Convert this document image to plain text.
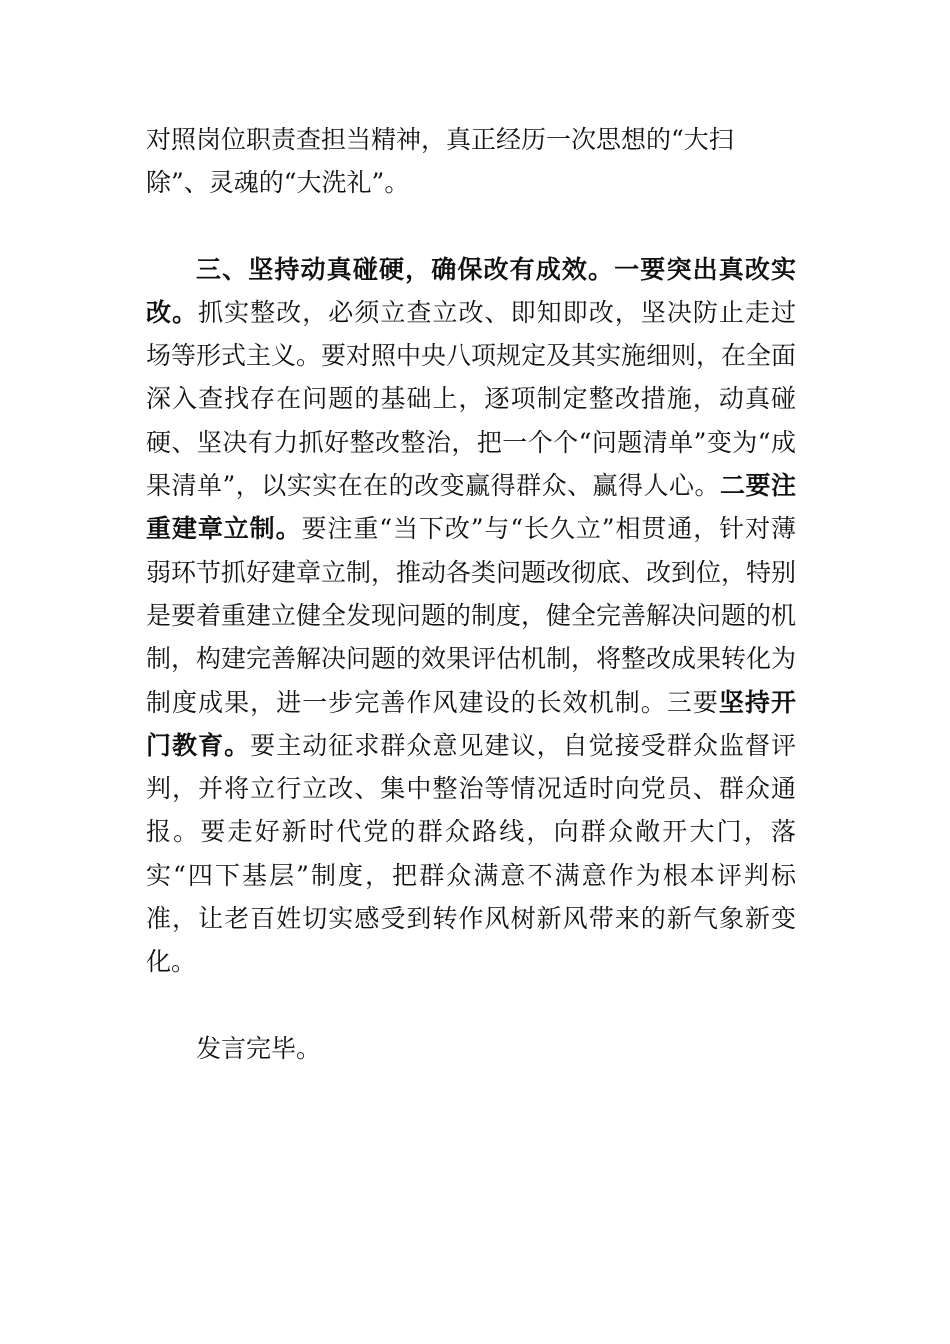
对照岗位职责查担当精神，真正经历一次思想的“大扫
除”、灵魂的“大洗礼”。

三、坚持动真碰硬，确保改有成效。一要突出真改实改。抓实整改，必须立查立改、即知即改，坚决防止走过场等形式主义。要对照中央八项规定及其实施细则，在全面深入查找存在问题的基础上，逐项制定整改措施，动真碰硬、坚决有力抓好整改整治，把一个个“问题清单”变为“成果清单”，以实实在在的改变赢得群众、赢得人心。二要注重建章立制。要注重“当下改”与“长久立”相贯通，针对薄弱环节抓好建章立制，推动各类问题改彻底、改到位，特别是要着重建立健全发现问题的制度，健全完善解决问题的机制，构建完善解决问题的效果评估机制，将整改成果转化为制度成果，进一步完善作风建设的长效机制。三要坚持开门教育。要主动征求群众意见建议，自觉接受群众监督评判，并将立行立改、集中整治等情况适时向党员、群众通报。要走好新时代党的群众路线，向群众敞开大门，落实“四下基层”制度，把群众满意不满意作为根本评判标准，让老百姓切实感受到转作风树新风带来的新气象新变化。

发言完毕。
